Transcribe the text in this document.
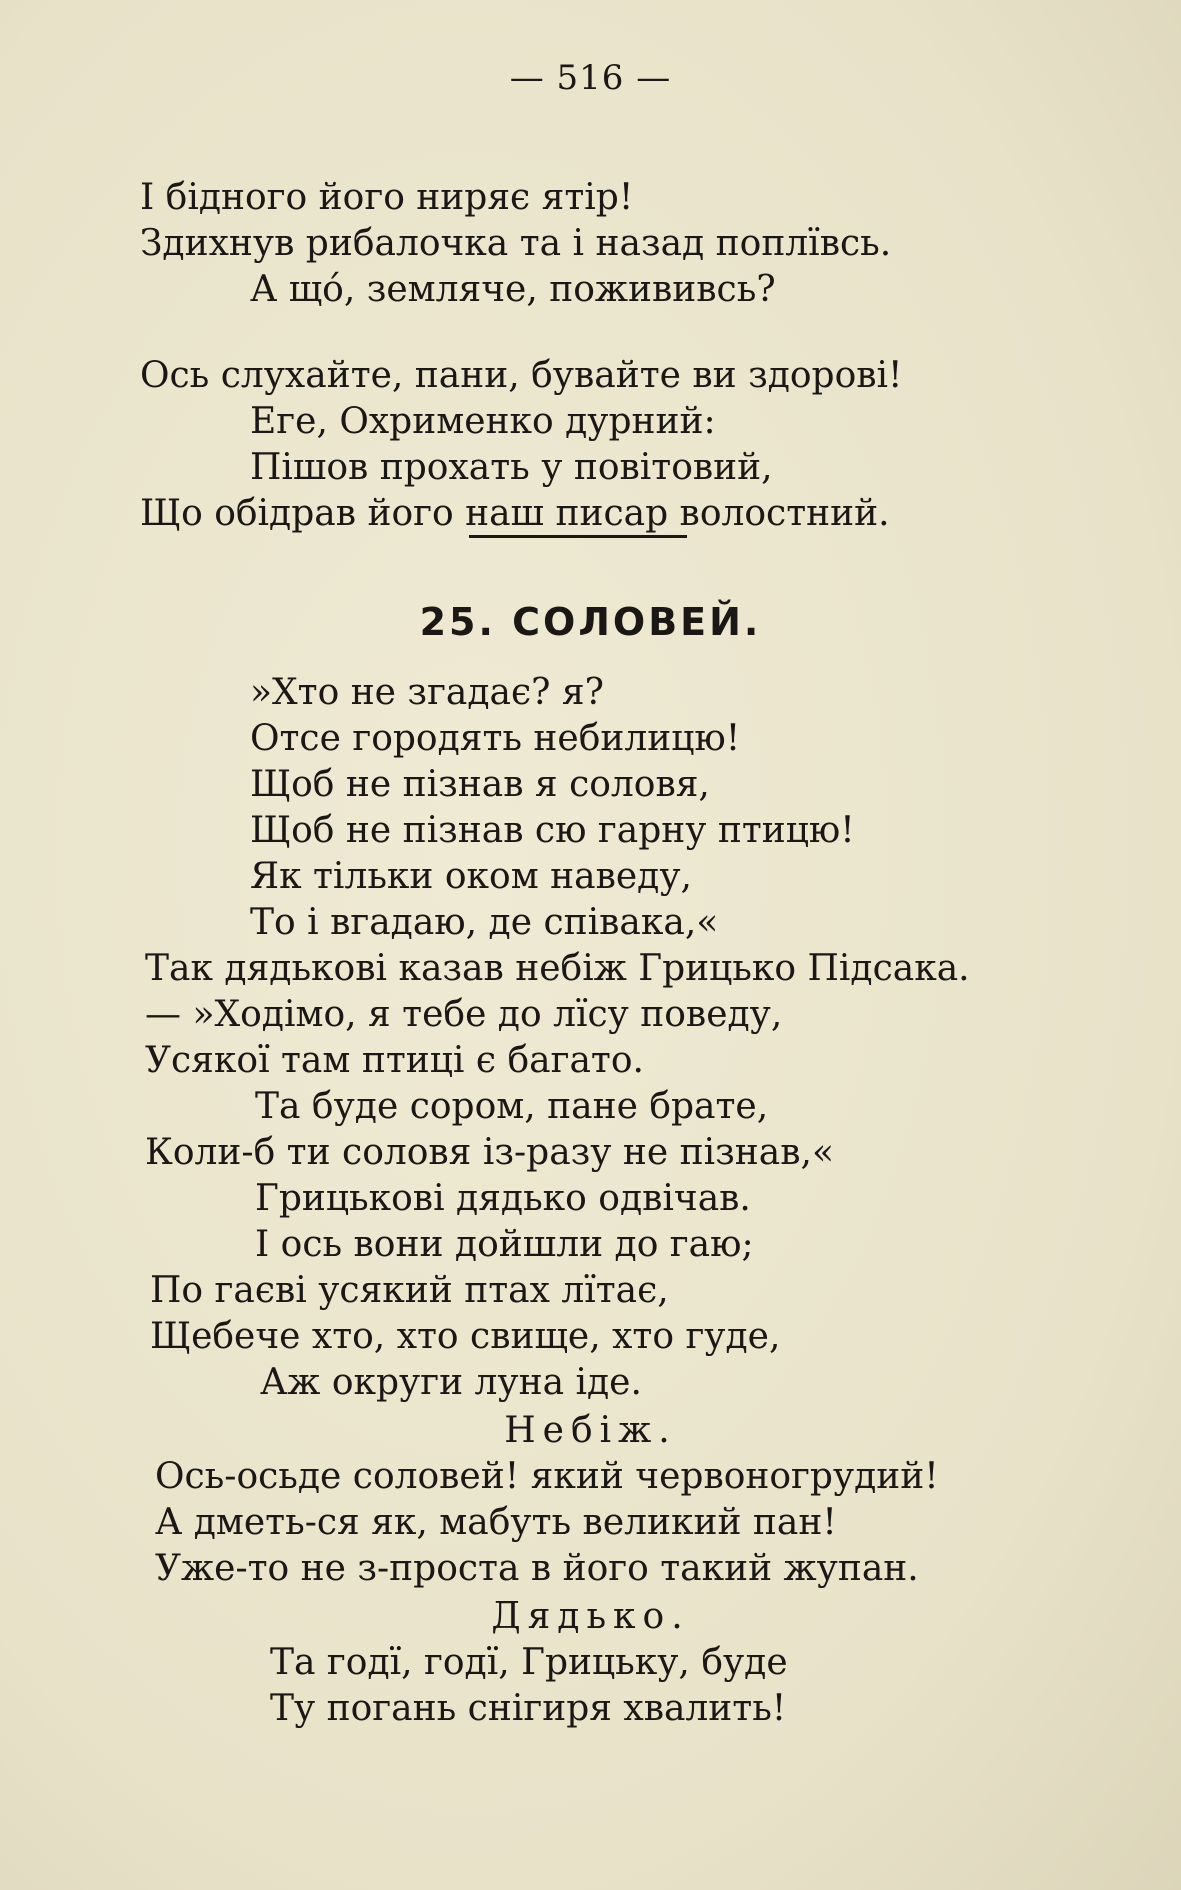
— 516 —
І бідного його ниряє ятір!
Здихнув рибалочка та і назад поплївсь.
А що́, земляче, пожививсь?
Ось слухайте, пани, бувайте ви здорові!
Еге, Охрименко дурний:
Пішов прохать у повітовий,
Що обідрав його наш писар волостний.
25. СОЛОВЕЙ.
»Хто не згадає? я?
Отсе городять небилицю!
Щоб не пізнав я соловя,
Щоб не пізнав сю гарну птицю!
Як тільки оком наведу,
То і вгадаю, де співака,«
Так дядькові казав небіж Грицько Підсака.
— »Ходімо, я тебе до лїсу поведу,
Усякої там птиці є багато.
Та буде сором, пане брате,
Коли-б ти соловя із-разу не пізнав,«
Грицькові дядько одвічав.
І ось вони дойшли до гаю;
По гаєві усякий птах лїтає,
Щебече хто, хто свище, хто гуде,
Аж округи луна іде.
Небіж.
Ось-осьде соловей! який червоногрудий!
А дметь-ся як, мабуть великий пан!
Уже-то не з-проста в його такий жупан.
Дядько.
Та годї, годї, Грицьку, буде
Ту погань снігиря хвалить!
